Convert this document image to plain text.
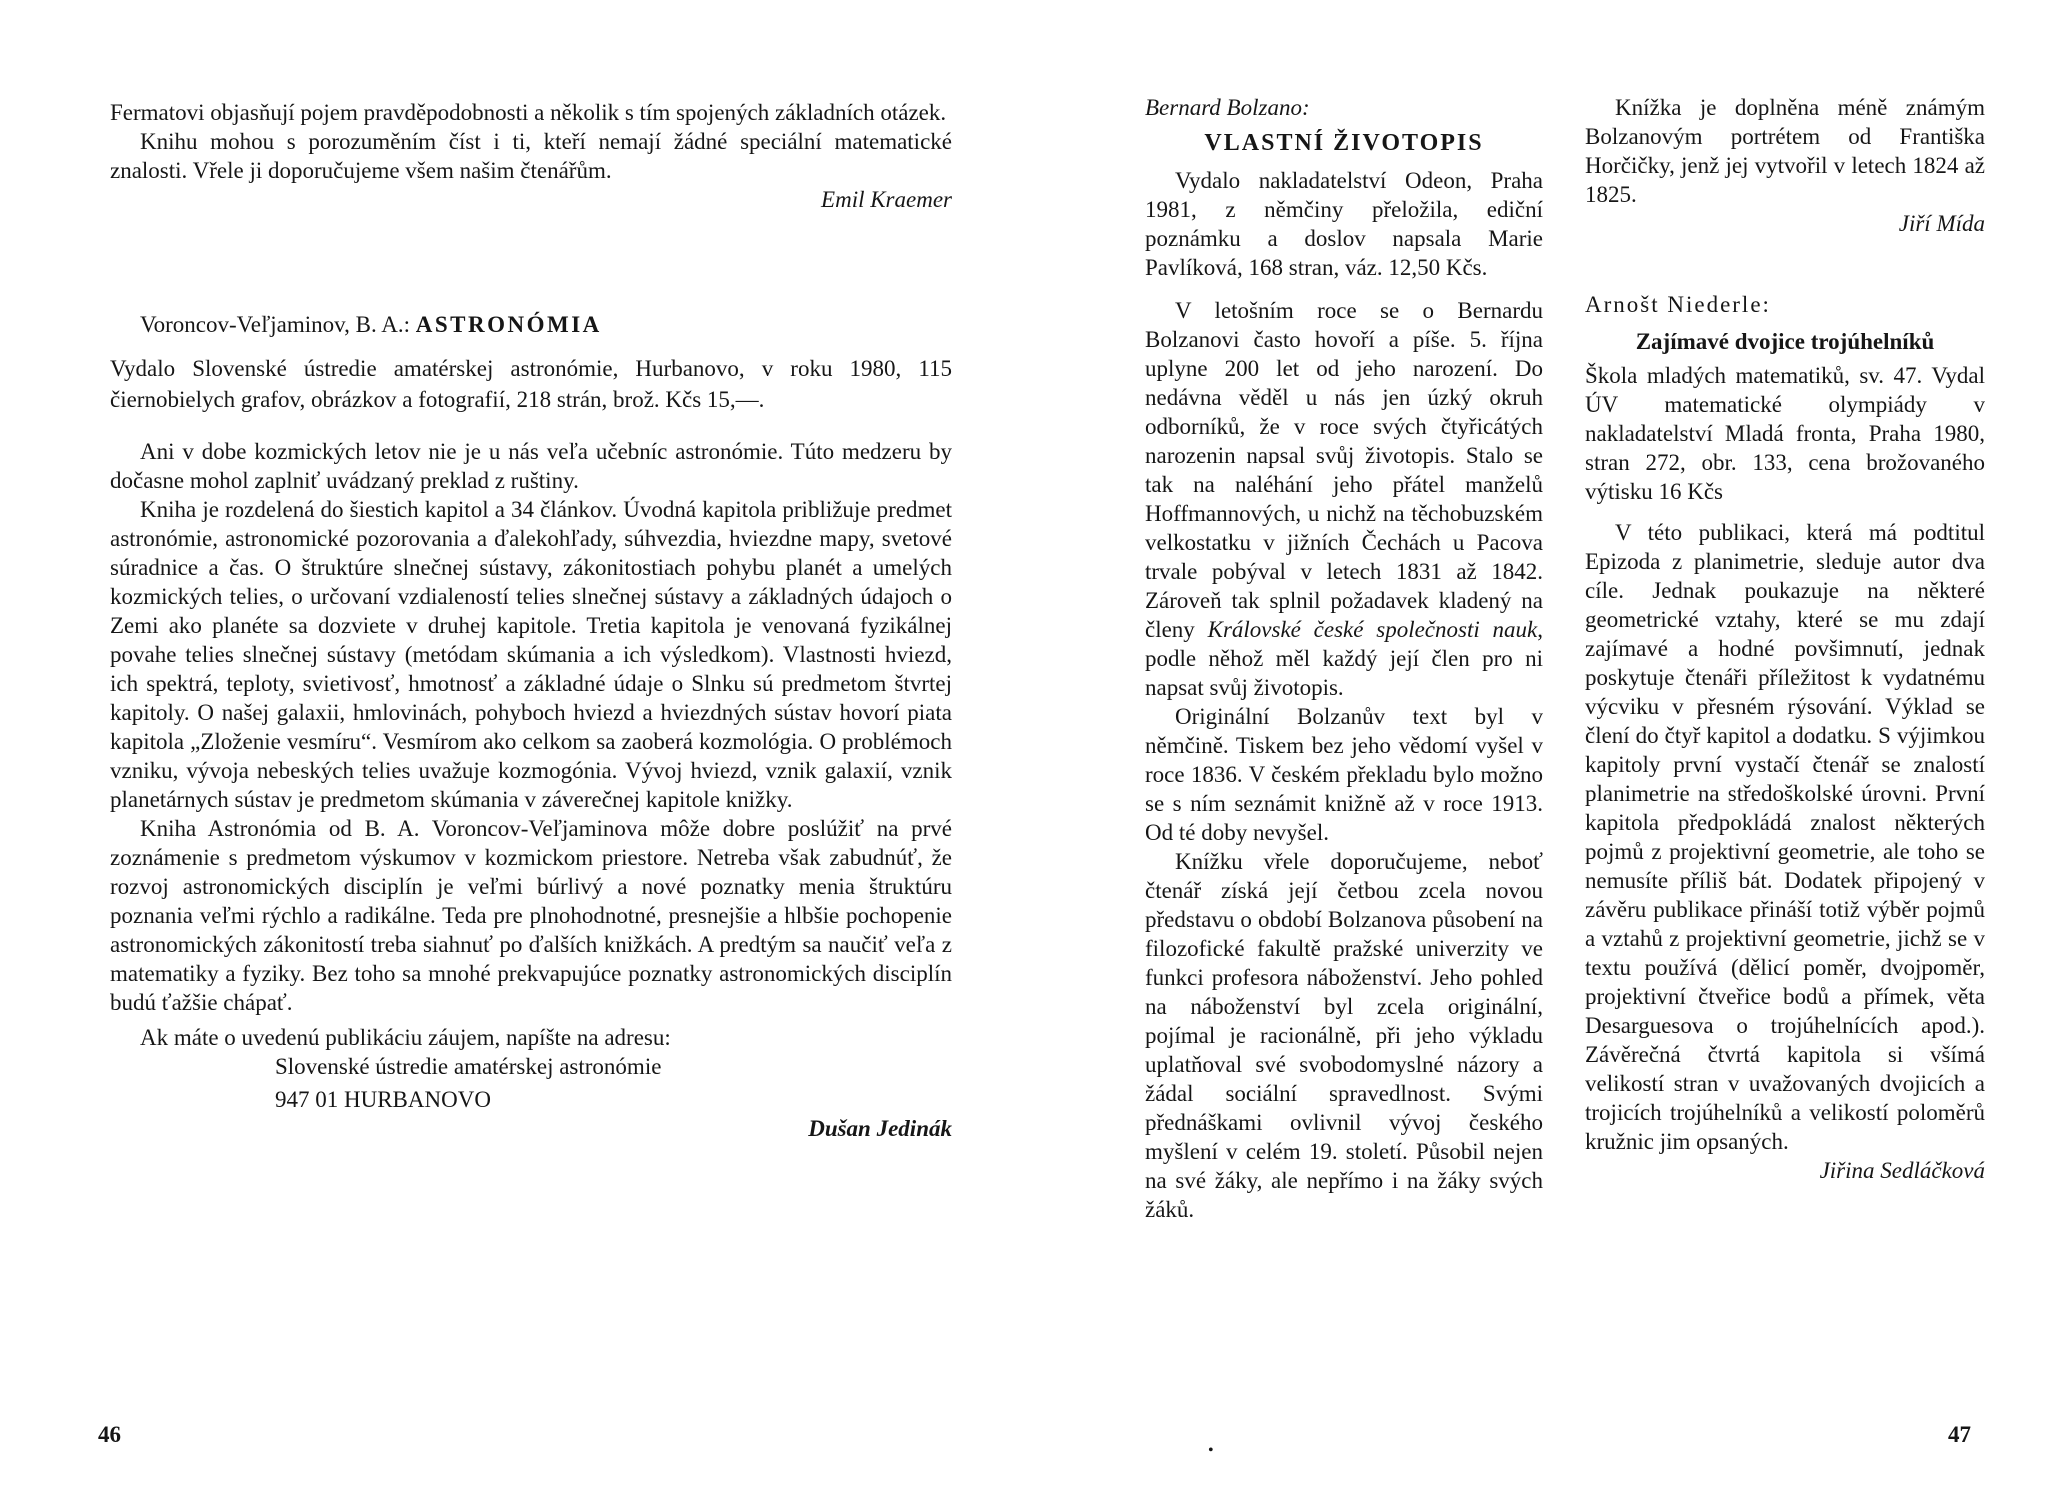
Fermatovi objasňují pojem pravděpodobnosti a několik s tím spojených základních otázek.

Knihu mohou s porozuměním číst i ti, kteří nemají žádné speciální matematické znalosti. Vřele ji doporučujeme všem našim čtenářům.

Emil Kraemer

Voroncov-Veľjaminov, B. A.: ASTRONÓMIA

Vydalo Slovenské ústredie amatérskej astronómie, Hurbanovo, v roku 1980, 115 čiernobielych grafov, obrázkov a fotografií, 218 strán, brož. Kčs 15,—.

Ani v dobe kozmických letov nie je u nás veľa učebníc astronómie. Túto medzeru by dočasne mohol zaplniť uvádzaný preklad z ruštiny.

Kniha je rozdelená do šiestich kapitol a 34 článkov. Úvodná kapitola približuje predmet astronómie, astronomické pozorovania a ďalekohľady, súhvezdia, hviezdne mapy, svetové súradnice a čas. O štruktúre slnečnej sústavy, zákonitostiach pohybu planét a umelých kozmických telies, o určovaní vzdialeností telies slnečnej sústavy a základných údajoch o Zemi ako planéte sa dozviete v druhej kapitole. Tretia kapitola je venovaná fyzikálnej povahe telies slnečnej sústavy (metódam skúmania a ich výsledkom). Vlastnosti hviezd, ich spektrá, teploty, svietivosť, hmotnosť a základné údaje o Slnku sú predmetom štvrtej kapitoly. O našej galaxii, hmlovinách, pohyboch hviezd a hviezdných sústav hovorí piata kapitola „Zloženie vesmíru“. Vesmírom ako celkom sa zaoberá kozmológia. O problémoch vzniku, vývoja nebeských telies uvažuje kozmogónia. Vývoj hviezd, vznik galaxií, vznik planetárnych sústav je predmetom skúmania v záverečnej kapitole knižky.

Kniha Astronómia od B. A. Voroncov-Veľjaminova môže dobre poslúžiť na prvé zoznámenie s predmetom výskumov v kozmickom priestore. Netreba však zabudnúť, že rozvoj astronomických disciplín je veľmi búrlivý a nové poznatky menia štruktúru poznania veľmi rýchlo a radikálne. Teda pre plnohodnotné, presnejšie a hlbšie pochopenie astronomických zákonitostí treba siahnuť po ďalších knižkách. A predtým sa naučiť veľa z matematiky a fyziky. Bez toho sa mnohé prekvapujúce poznatky astronomických disciplín budú ťažšie chápať.

Ak máte o uvedenú publikáciu záujem, napíšte na adresu:

Slovenské ústredie amatérskej astronómie

947 01 HURBANOVO

Dušan Jedinák

46

Bernard Bolzano:

VLASTNÍ ŽIVOTOPIS

Vydalo nakladatelství Odeon, Praha 1981, z němčiny přeložila, ediční poznámku a doslov napsala Marie Pavlíková, 168 stran, váz. 12,50 Kčs.

V letošním roce se o Bernardu Bolzanovi často hovoří a píše. 5. října uplyne 200 let od jeho narození. Do nedávna věděl u nás jen úzký okruh odborníků, že v roce svých čtyřicátých narozenin napsal svůj životopis. Stalo se tak na naléhání jeho přátel manželů Hoffmannových, u nichž na těchobuzském velkostatku v jižních Čechách u Pacova trvale pobýval v letech 1831 až 1842. Zároveň tak splnil požadavek kladený na členy Královské české společnosti nauk, podle něhož měl každý její člen pro ni napsat svůj životopis.

Originální Bolzanův text byl v němčině. Tiskem bez jeho vědomí vyšel v roce 1836. V českém překladu bylo možno se s ním seznámit knižně až v roce 1913. Od té doby nevyšel.

Knížku vřele doporučujeme, neboť čtenář získá její četbou zcela novou představu o období Bolzanova působení na filozofické fakultě pražské univerzity ve funkci profesora náboženství. Jeho pohled na náboženství byl zcela originální, pojímal je racionálně, při jeho výkladu uplatňoval své svobodomyslné názory a žádal sociální spravedlnost. Svými přednáškami ovlivnil vývoj českého myšlení v celém 19. století. Působil nejen na své žáky, ale nepřímo i na žáky svých žáků.

Knížka je doplněna méně známým Bolzanovým portrétem od Františka Horčičky, jenž jej vytvořil v letech 1824 až 1825.

Jiří Mída

Arnošt Niederle:

Zajímavé dvojice trojúhelníků

Škola mladých matematiků, sv. 47. Vydal ÚV matematické olympiády v nakladatelství Mladá fronta, Praha 1980, stran 272, obr. 133, cena brožovaného výtisku 16 Kčs

V této publikaci, která má podtitul Epizoda z planimetrie, sleduje autor dva cíle. Jednak poukazuje na některé geometrické vztahy, které se mu zdají zajímavé a hodné povšimnutí, jednak poskytuje čtenáři příležitost k vydatnému výcviku v přesném rýsování. Výklad se člení do čtyř kapitol a dodatku. S výjimkou kapitoly první vystačí čtenář se znalostí planimetrie na středoškolské úrovni. První kapitola předpokládá znalost některých pojmů z projektivní geometrie, ale toho se nemusíte příliš bát. Dodatek připojený v závěru publikace přináší totiž výběr pojmů a vztahů z projektivní geometrie, jichž se v textu používá (dělicí poměr, dvojpoměr, projektivní čtveřice bodů a přímek, věta Desarguesova o trojúhelnících apod.). Závěrečná čtvrtá kapitola si všímá velikostí stran v uvažovaných dvojicích a trojicích trojúhelníků a velikostí poloměrů kružnic jim opsaných.

Jiřina Sedláčková

•
47
